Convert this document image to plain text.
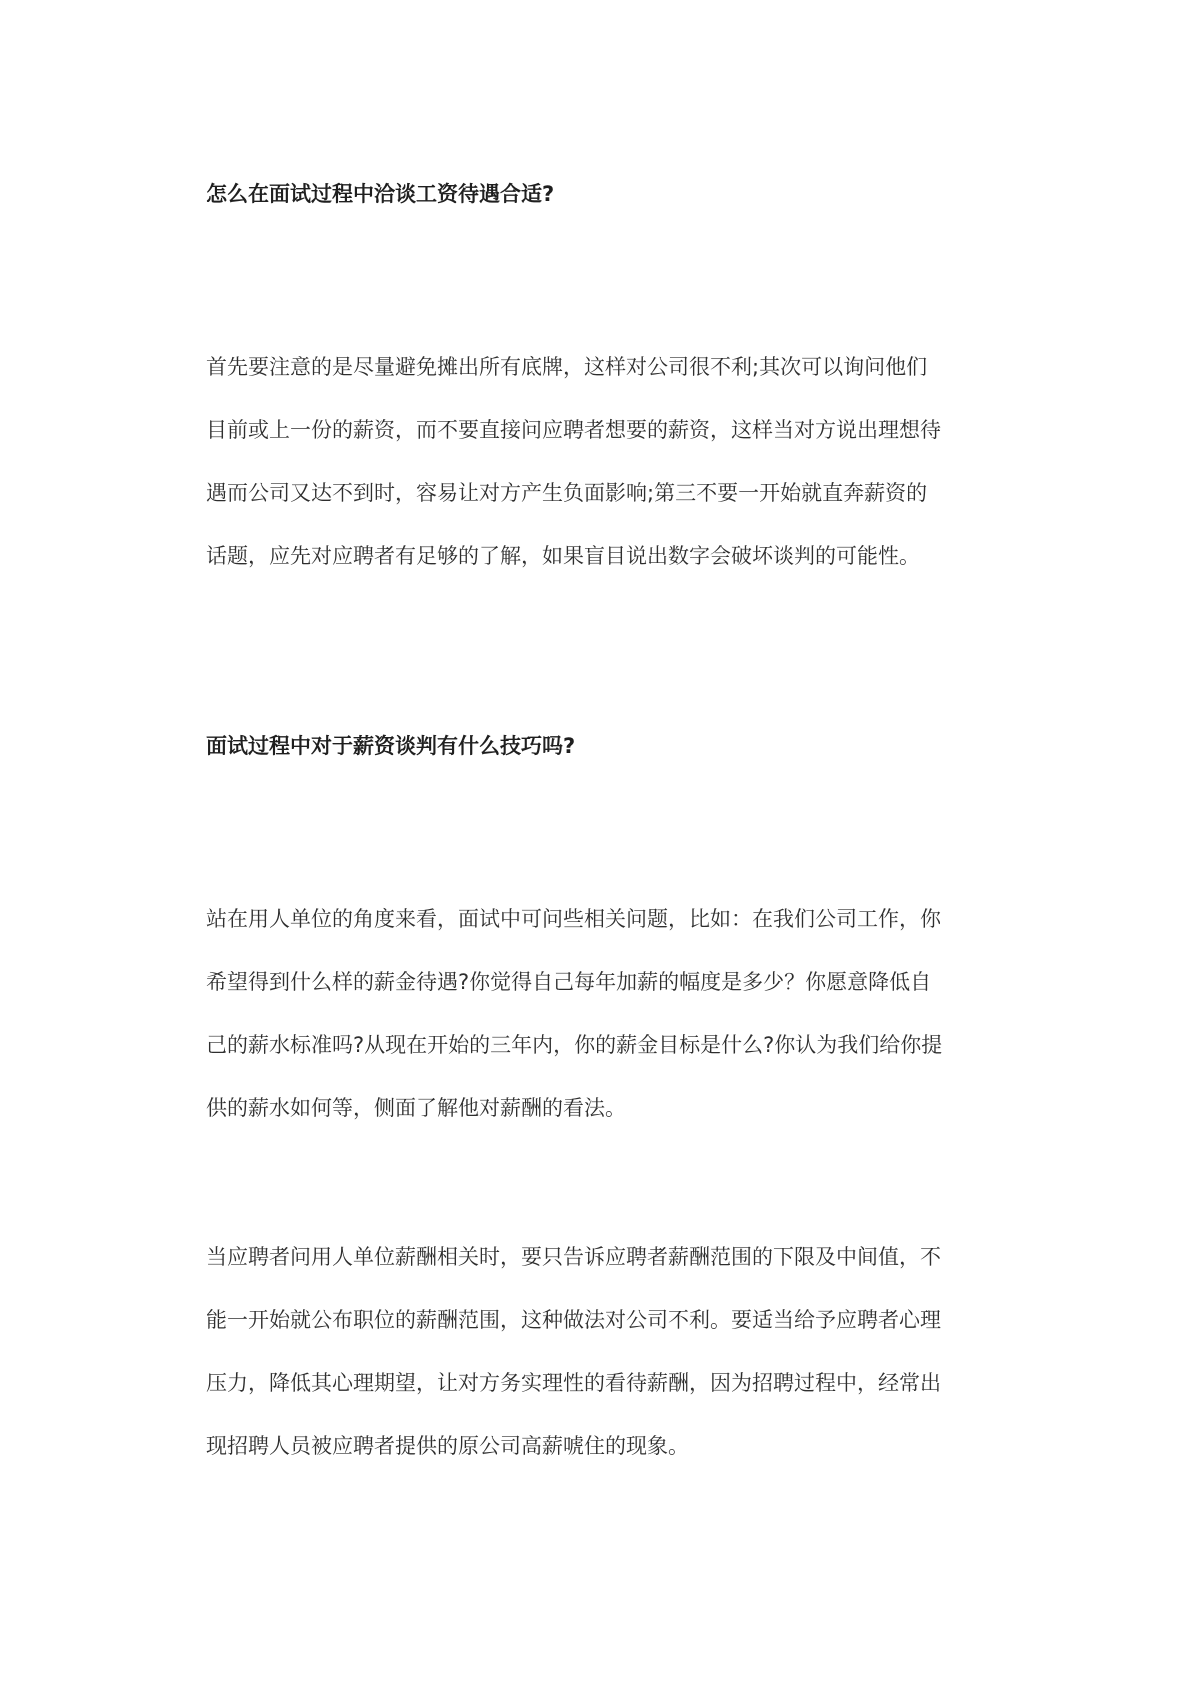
怎么在面试过程中洽谈工资待遇合适?
首先要注意的是尽量避免摊出所有底牌，这样对公司很不利;其次可以询问他们
目前或上一份的薪资，而不要直接问应聘者想要的薪资，这样当对方说出理想待
遇而公司又达不到时，容易让对方产生负面影响;第三不要一开始就直奔薪资的
话题，应先对应聘者有足够的了解，如果盲目说出数字会破坏谈判的可能性。
面试过程中对于薪资谈判有什么技巧吗?
站在用人单位的角度来看，面试中可问些相关问题，比如：在我们公司工作，你
希望得到什么样的薪金待遇?你觉得自己每年加薪的幅度是多少？你愿意降低自
己的薪水标准吗?从现在开始的三年内，你的薪金目标是什么?你认为我们给你提
供的薪水如何等，侧面了解他对薪酬的看法。
当应聘者问用人单位薪酬相关时，要只告诉应聘者薪酬范围的下限及中间值，不
能一开始就公布职位的薪酬范围，这种做法对公司不利。要适当给予应聘者心理
压力，降低其心理期望，让对方务实理性的看待薪酬，因为招聘过程中，经常出
现招聘人员被应聘者提供的原公司高薪唬住的现象。
